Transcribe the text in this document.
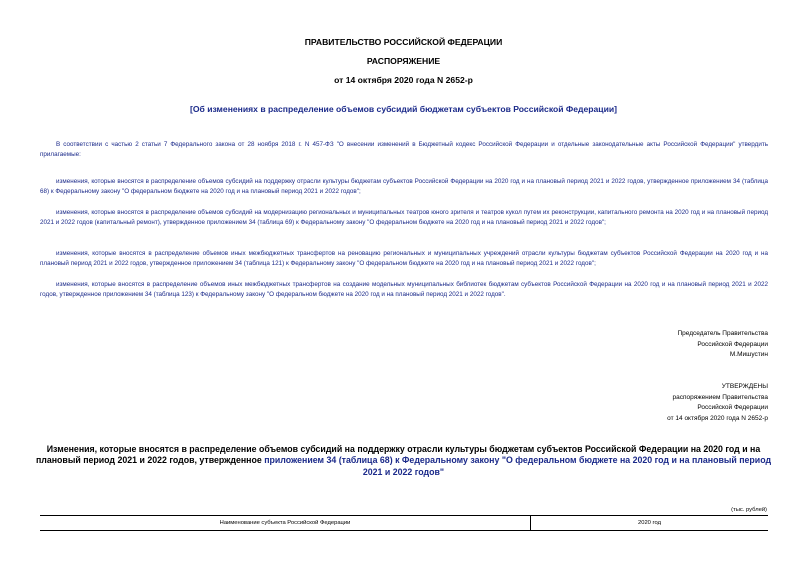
ПРАВИТЕЛЬСТВО РОССИЙСКОЙ ФЕДЕРАЦИИ
РАСПОРЯЖЕНИЕ
от 14 октября 2020 года N 2652-р
[Об изменениях в распределение объемов субсидий бюджетам субъектов Российской Федерации]
В соответствии с частью 2 статьи 7 Федерального закона от 28 ноября 2018 г. N 457-ФЗ "О внесении изменений в Бюджетный кодекс Российской Федерации и отдельные законодательные акты Российской Федерации" утвердить прилагаемые:
изменения, которые вносятся в распределение объемов субсидий на поддержку отрасли культуры бюджетам субъектов Российской Федерации на 2020 год и на плановый период 2021 и 2022 годов, утвержденное приложением 34 (таблица 68) к Федеральному закону "О федеральном бюджете на 2020 год и на плановый период 2021 и 2022 годов";
изменения, которые вносятся в распределение объемов субсидий на модернизацию региональных и муниципальных театров юного зрителя и театров кукол путем их реконструкции, капитального ремонта на 2020 год и на плановый период 2021 и 2022 годов (капитальный ремонт), утвержденное приложением 34 (таблица 69) к Федеральному закону "О федеральном бюджете на 2020 год и на плановый период 2021 и 2022 годов";
изменения, которые вносятся в распределение объемов иных межбюджетных трансфертов на реновацию региональных и муниципальных учреждений отрасли культуры бюджетам субъектов Российской Федерации на 2020 год и на плановый период 2021 и 2022 годов, утвержденное приложением 34 (таблица 121) к Федеральному закону "О федеральном бюджете на 2020 год и на плановый период 2021 и 2022 годов";
изменения, которые вносятся в распределение объемов иных межбюджетных трансфертов на создание модельных муниципальных библиотек бюджетам субъектов Российской Федерации на 2020 год и на плановый период 2021 и 2022 годов, утвержденное приложением 34 (таблица 123) к Федеральному закону "О федеральном бюджете на 2020 год и на плановый период 2021 и 2022 годов".
Председатель Правительства
Российской Федерации
М.Мишустин
УТВЕРЖДЕНЫ
распоряжением Правительства
Российской Федерации
от 14 октября 2020 года N 2652-р
Изменения, которые вносятся в распределение объемов субсидий на поддержку отрасли культуры бюджетам субъектов Российской Федерации на 2020 год и на плановый период 2021 и 2022 годов, утвержденное приложением 34 (таблица 68) к Федеральному закону "О федеральном бюджете на 2020 год и на плановый период 2021 и 2022 годов"
(тыс. рублей)
Наименование субъекта Российской Федерации	2020 год
